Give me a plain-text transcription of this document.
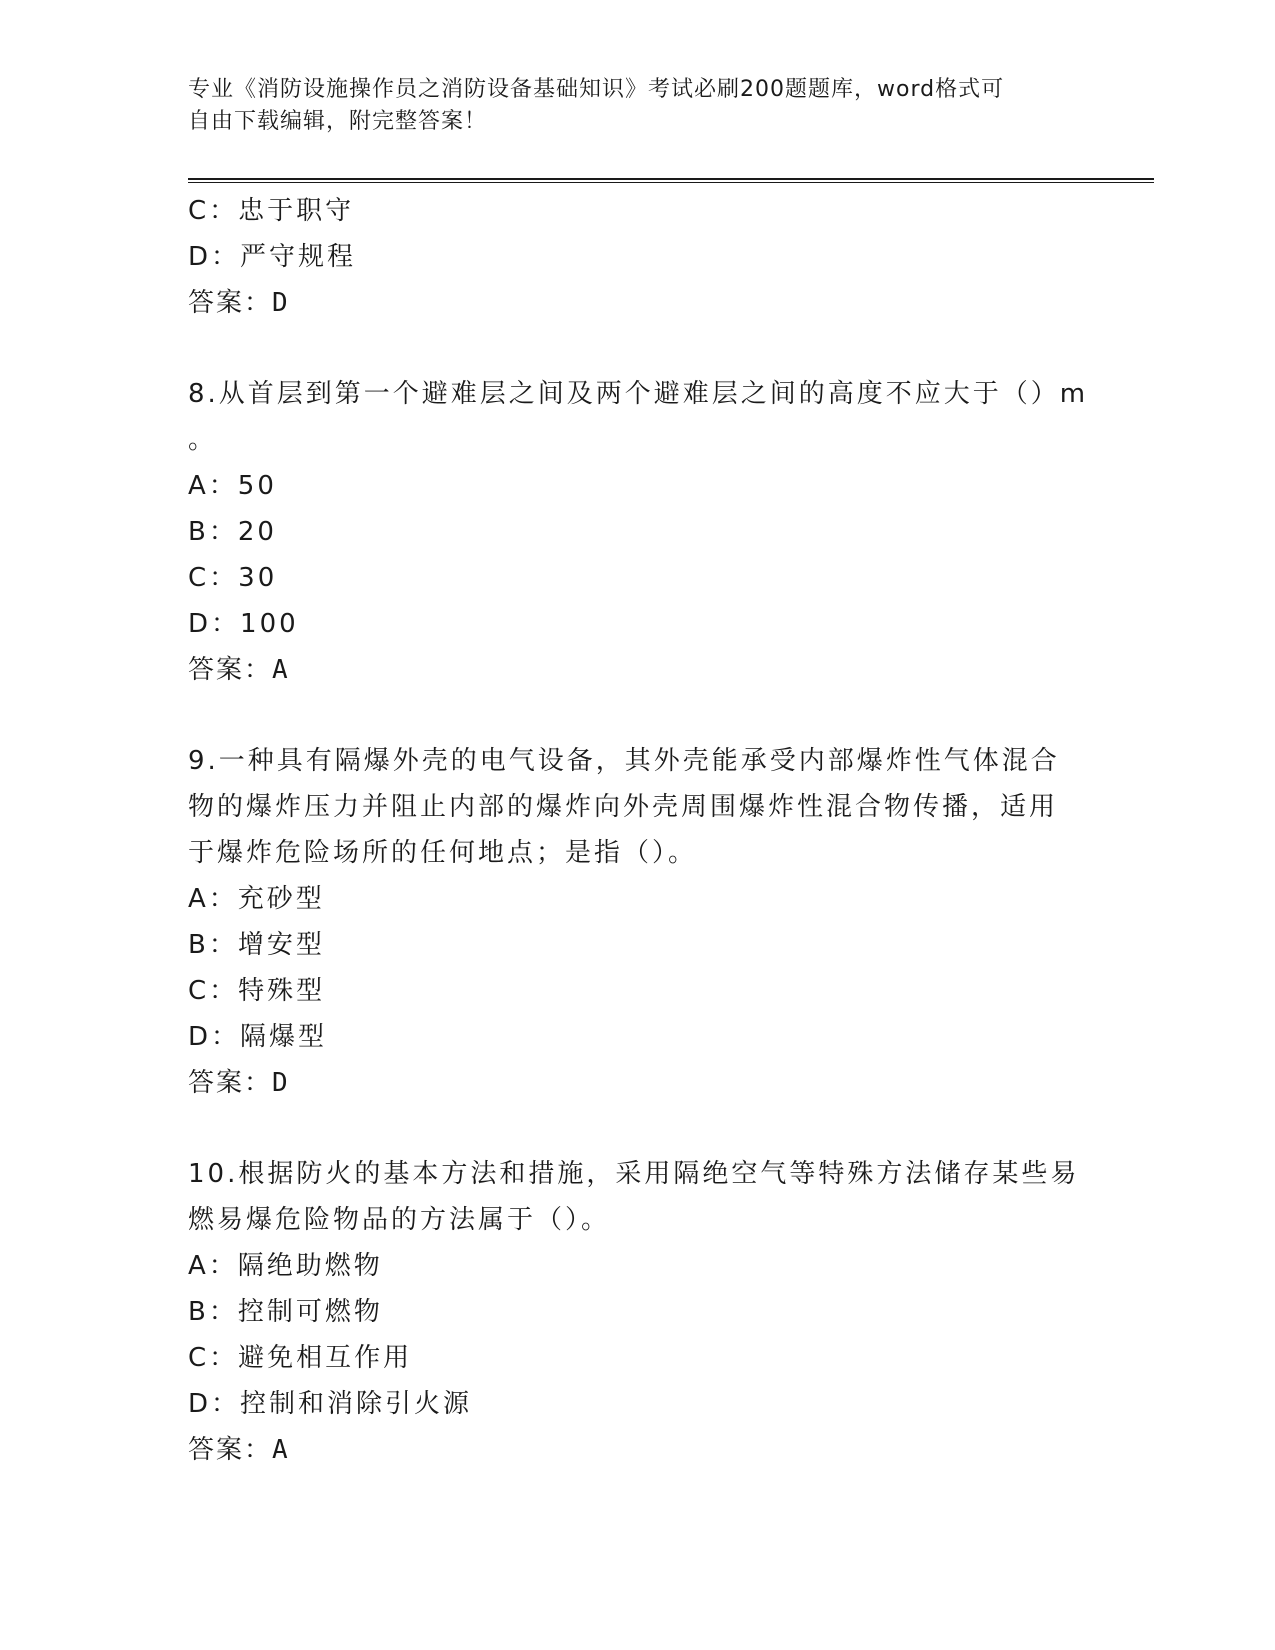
专业《消防设施操作员之消防设备基础知识》考试必刷200题题库，word格式可
自由下载编辑，附完整答案！
C：忠于职守
D：严守规程
答案：D
8.从首层到第一个避难层之间及两个避难层之间的高度不应大于（）m
。
A：50
B：20
C：30
D：100
答案：A
9.一种具有隔爆外壳的电气设备，其外壳能承受内部爆炸性气体混合
物的爆炸压力并阻止内部的爆炸向外壳周围爆炸性混合物传播，适用
于爆炸危险场所的任何地点；是指（）。
A：充砂型
B：增安型
C：特殊型
D：隔爆型
答案：D
10.根据防火的基本方法和措施，采用隔绝空气等特殊方法储存某些易
燃易爆危险物品的方法属于（）。
A：隔绝助燃物
B：控制可燃物
C：避免相互作用
D：控制和消除引火源
答案：A
